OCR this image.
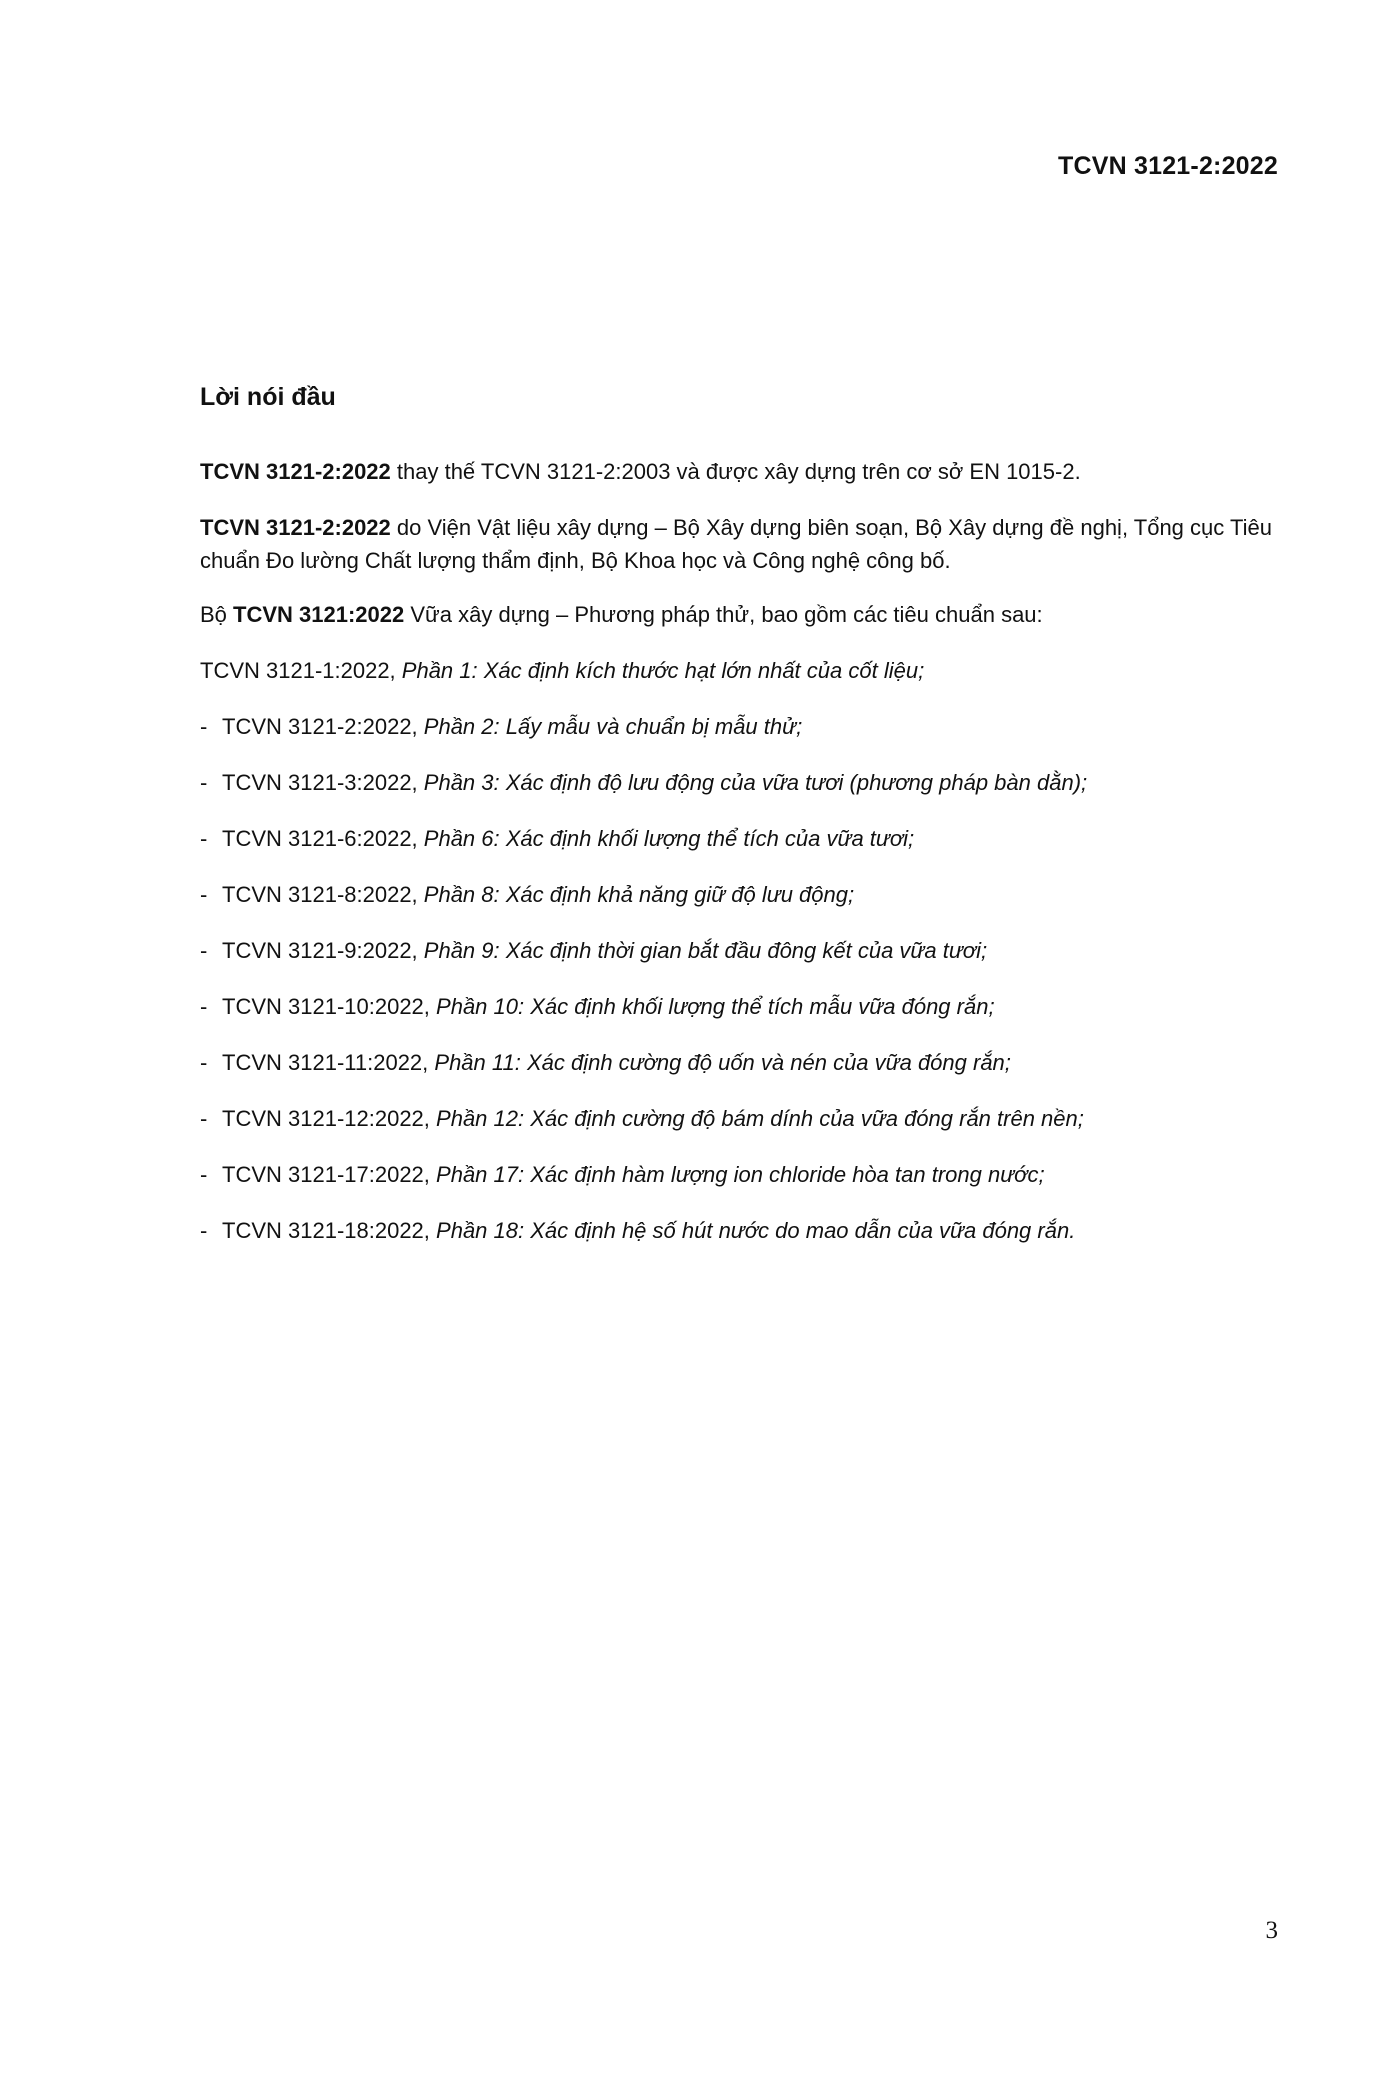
TCVN 3121-2:2022
Lời nói đầu

TCVN 3121-2:2022 thay thế TCVN 3121-2:2003 và được xây dựng trên cơ sở EN 1015-2.

TCVN 3121-2:2022 do Viện Vật liệu xây dựng – Bộ Xây dựng biên soạn, Bộ Xây dựng đề nghị, Tổng cục Tiêu chuẩn Đo lường Chất lượng thẩm định, Bộ Khoa học và Công nghệ công bố.

Bộ TCVN 3121:2022 Vữa xây dựng – Phương pháp thử, bao gồm các tiêu chuẩn sau:

TCVN 3121-1:2022, Phần 1: Xác định kích thước hạt lớn nhất của cốt liệu;
- TCVN 3121-2:2022, Phần 2: Lấy mẫu và chuẩn bị mẫu thử;
- TCVN 3121-3:2022, Phần 3: Xác định độ lưu động của vữa tươi (phương pháp bàn dằn);
- TCVN 3121-6:2022, Phần 6: Xác định khối lượng thể tích của vữa tươi;
- TCVN 3121-8:2022, Phần 8: Xác định khả năng giữ độ lưu động;
- TCVN 3121-9:2022, Phần 9: Xác định thời gian bắt đầu đông kết của vữa tươi;
- TCVN 3121-10:2022, Phần 10: Xác định khối lượng thể tích mẫu vữa đóng rắn;
- TCVN 3121-11:2022, Phần 11: Xác định cường độ uốn và nén của vữa đóng rắn;
- TCVN 3121-12:2022, Phần 12: Xác định cường độ bám dính của vữa đóng rắn trên nền;
- TCVN 3121-17:2022, Phần 17: Xác định hàm lượng ion chloride hòa tan trong nước;
- TCVN 3121-18:2022, Phần 18: Xác định hệ số hút nước do mao dẫn của vữa đóng rắn.
3
